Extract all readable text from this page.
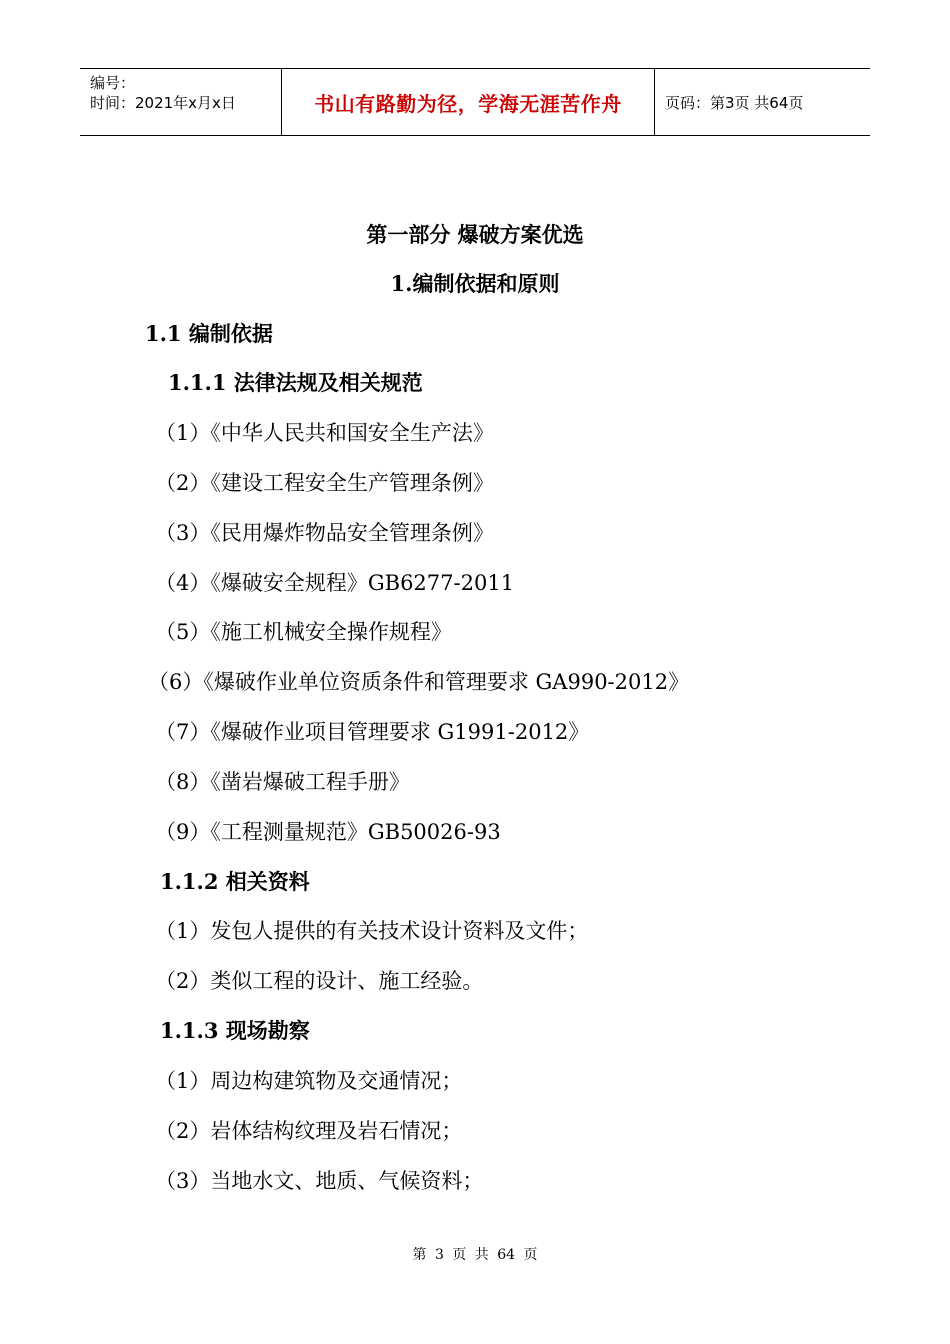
编号：
时间：2021年x月x日	书山有路勤为径，学海无涯苦作舟	页码：第3页 共64页
第一部分 爆破方案优选
1.编制依据和原则
1.1 编制依据
1.1.1 法律法规及相关规范
（1）《中华人民共和国安全生产法》
（2）《建设工程安全生产管理条例》
（3）《民用爆炸物品安全管理条例》
（4）《爆破安全规程》GB6277-2011
（5）《施工机械安全操作规程》
（6）《爆破作业单位资质条件和管理要求 GA990-2012》
（7）《爆破作业项目管理要求 G1991-2012》
（8）《凿岩爆破工程手册》
（9）《工程测量规范》GB50026-93
1.1.2 相关资料
（1）发包人提供的有关技术设计资料及文件；
（2）类似工程的设计、施工经验。
1.1.3 现场勘察
（1）周边构建筑物及交通情况；
（2）岩体结构纹理及岩石情况；
（3）当地水文、地质、气候资料；
第 3 页 共 64 页
